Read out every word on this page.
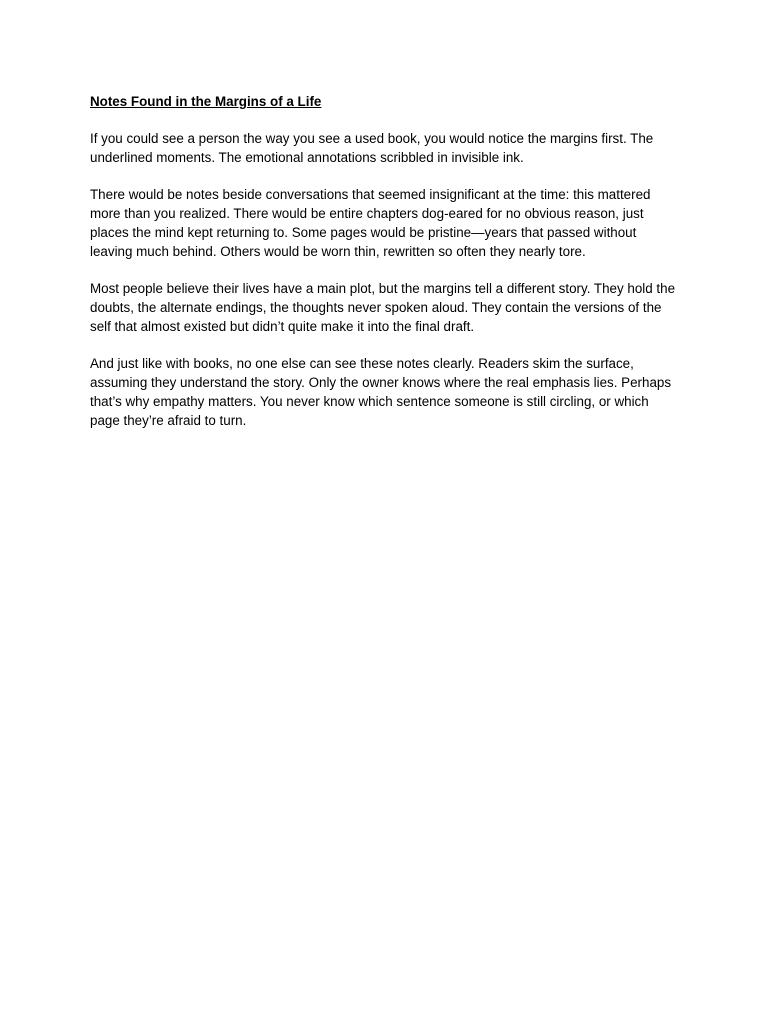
Notes Found in the Margins of a Life

If you could see a person the way you see a used book, you would notice the margins first. The underlined moments. The emotional annotations scribbled in invisible ink.

There would be notes beside conversations that seemed insignificant at the time: this mattered more than you realized. There would be entire chapters dog-eared for no obvious reason, just places the mind kept returning to. Some pages would be pristine—years that passed without leaving much behind. Others would be worn thin, rewritten so often they nearly tore.

Most people believe their lives have a main plot, but the margins tell a different story. They hold the doubts, the alternate endings, the thoughts never spoken aloud. They contain the versions of the self that almost existed but didn’t quite make it into the final draft.

And just like with books, no one else can see these notes clearly. Readers skim the surface, assuming they understand the story. Only the owner knows where the real emphasis lies. Perhaps that’s why empathy matters. You never know which sentence someone is still circling, or which page they’re afraid to turn.
